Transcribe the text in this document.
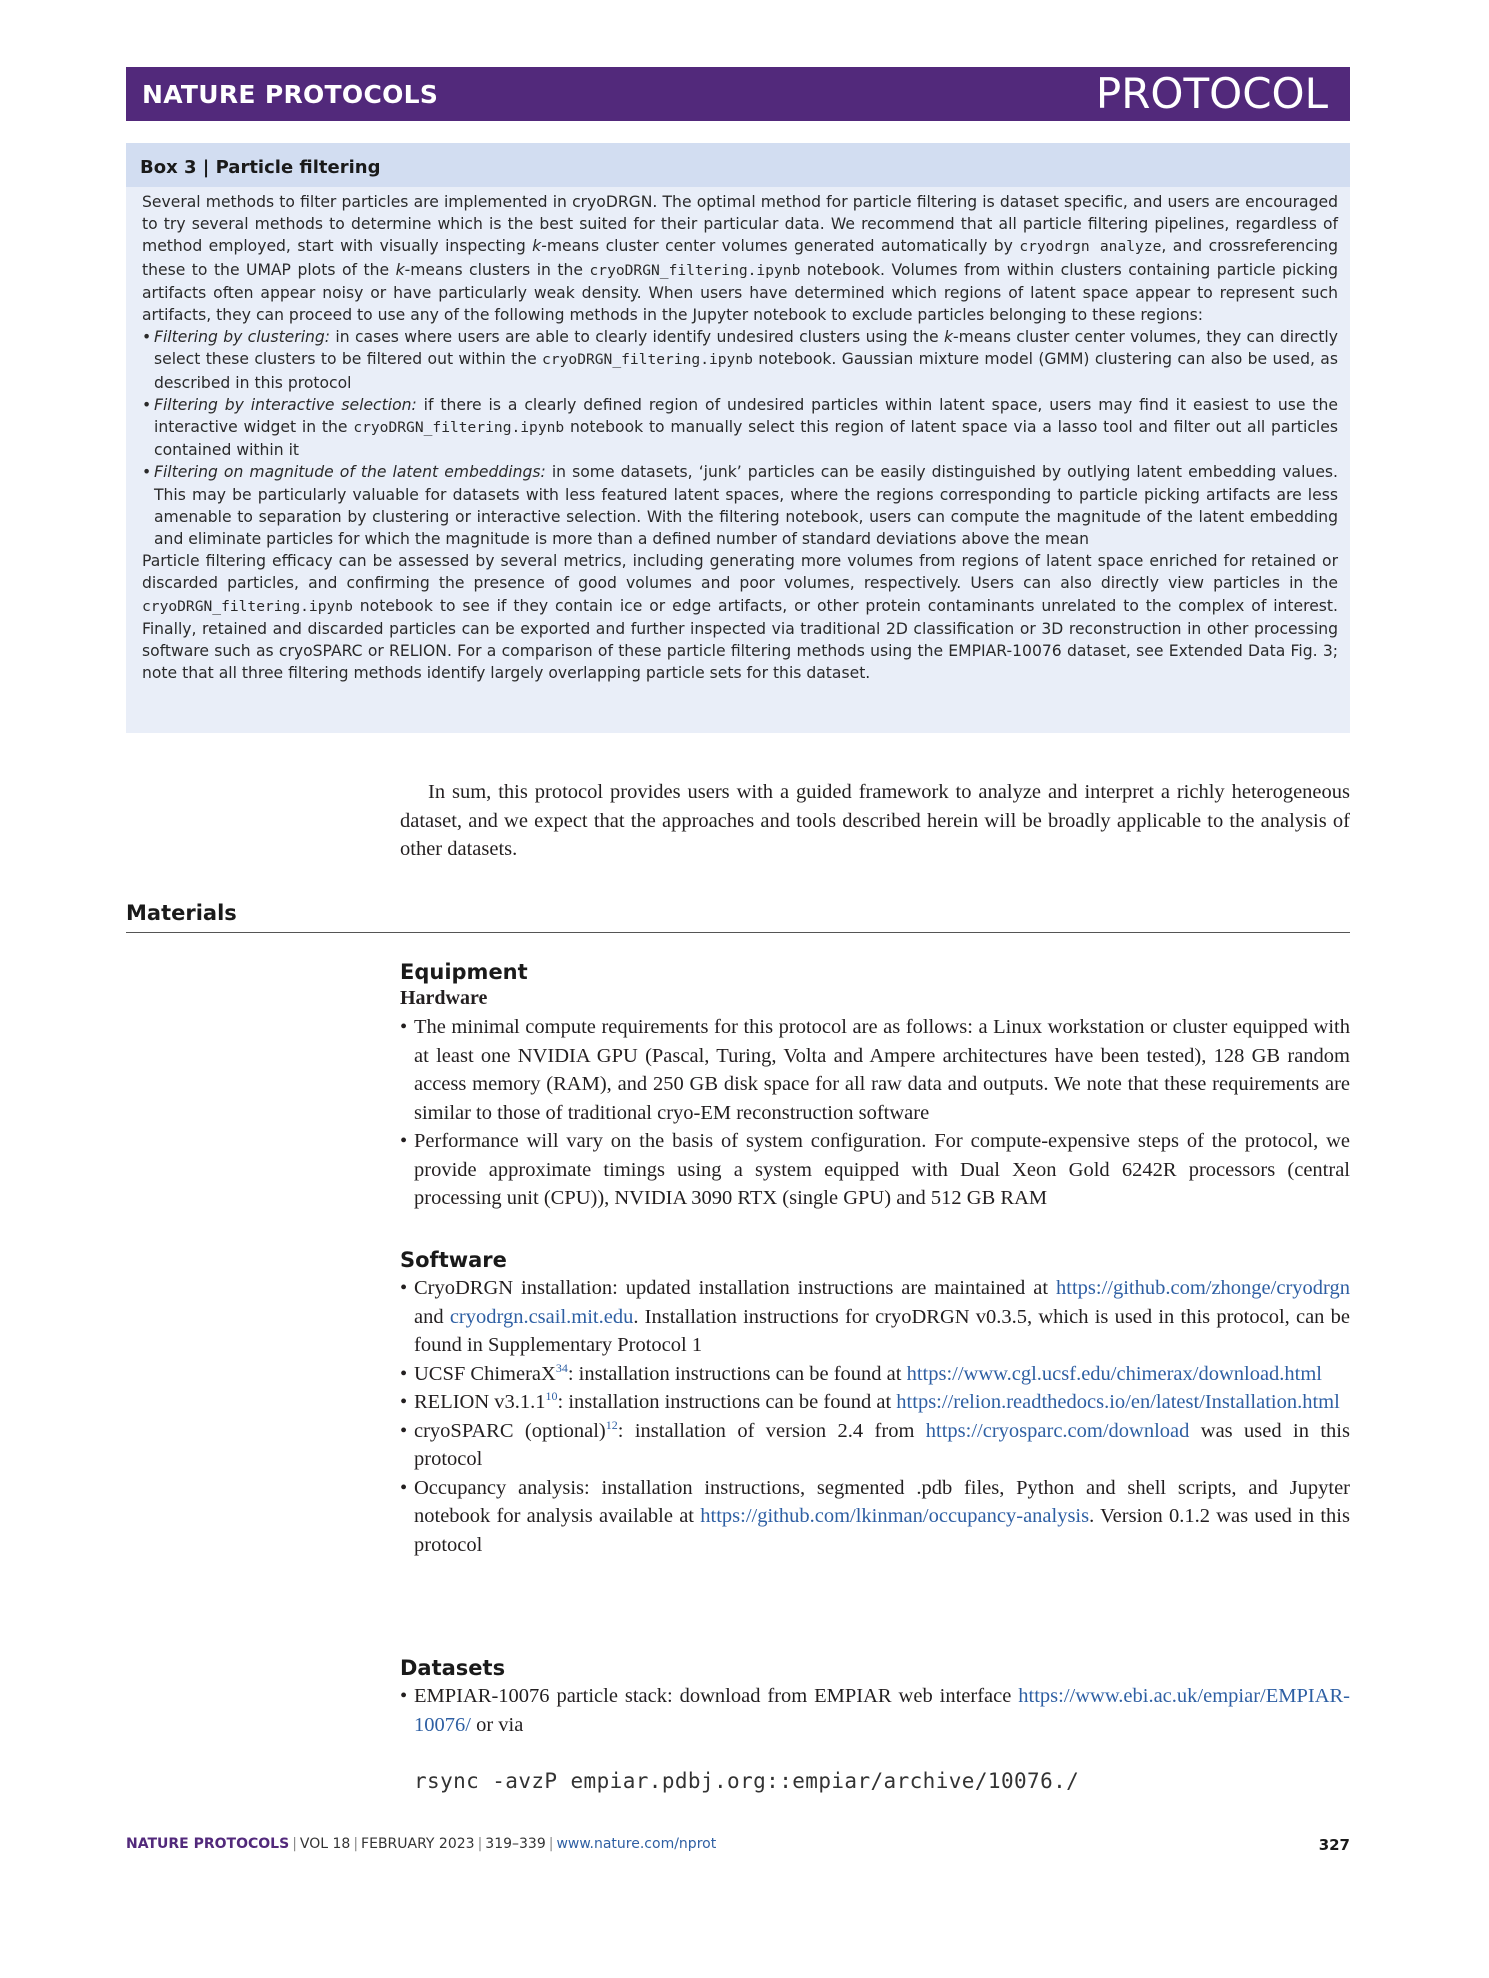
NATURE PROTOCOLS	PROTOCOL
Box 3 | Particle filtering

Several methods to filter particles are implemented in cryoDRGN. The optimal method for particle filtering is dataset specific, and users are encouraged to try several methods to determine which is the best suited for their particular data. We recommend that all particle filtering pipelines, regardless of method employed, start with visually inspecting k-means cluster center volumes generated automatically by cryodrgn analyze, and crossreferencing these to the UMAP plots of the k-means clusters in the cryoDRGN_filtering.ipynb notebook. Volumes from within clusters containing particle picking artifacts often appear noisy or have particularly weak density. When users have determined which regions of latent space appear to represent such artifacts, they can proceed to use any of the following methods in the Jupyter notebook to exclude particles belonging to these regions:

• Filtering by clustering: in cases where users are able to clearly identify undesired clusters using the k-means cluster center volumes, they can directly select these clusters to be filtered out within the cryoDRGN_filtering.ipynb notebook. Gaussian mixture model (GMM) clustering can also be used, as described in this protocol
• Filtering by interactive selection: if there is a clearly defined region of undesired particles within latent space, users may find it easiest to use the interactive widget in the cryoDRGN_filtering.ipynb notebook to manually select this region of latent space via a lasso tool and filter out all particles contained within it
• Filtering on magnitude of the latent embeddings: in some datasets, ‘junk’ particles can be easily distinguished by outlying latent embedding values. This may be particularly valuable for datasets with less featured latent spaces, where the regions corresponding to particle picking artifacts are less amenable to separation by clustering or interactive selection. With the filtering notebook, users can compute the magnitude of the latent embedding and eliminate particles for which the magnitude is more than a defined number of standard deviations above the mean

Particle filtering efficacy can be assessed by several metrics, including generating more volumes from regions of latent space enriched for retained or discarded particles, and confirming the presence of good volumes and poor volumes, respectively. Users can also directly view particles in the cryoDRGN_filtering.ipynb notebook to see if they contain ice or edge artifacts, or other protein contaminants unrelated to the complex of interest. Finally, retained and discarded particles can be exported and further inspected via traditional 2D classification or 3D reconstruction in other processing software such as cryoSPARC or RELION. For a comparison of these particle filtering methods using the EMPIAR-10076 dataset, see Extended Data Fig. 3; note that all three filtering methods identify largely overlapping particle sets for this dataset.

In sum, this protocol provides users with a guided framework to analyze and interpret a richly heterogeneous dataset, and we expect that the approaches and tools described herein will be broadly applicable to the analysis of other datasets.

Materials
Equipment
Hardware
• The minimal compute requirements for this protocol are as follows: a Linux workstation or cluster equipped with at least one NVIDIA GPU (Pascal, Turing, Volta and Ampere architectures have been tested), 128 GB random access memory (RAM), and 250 GB disk space for all raw data and outputs. We note that these requirements are similar to those of traditional cryo-EM reconstruction software
• Performance will vary on the basis of system configuration. For compute-expensive steps of the protocol, we provide approximate timings using a system equipped with Dual Xeon Gold 6242R processors (central processing unit (CPU)), NVIDIA 3090 RTX (single GPU) and 512 GB RAM
Software
• CryoDRGN installation: updated installation instructions are maintained at https://github.com/zhonge/cryodrgn and cryodrgn.csail.mit.edu. Installation instructions for cryoDRGN v0.3.5, which is used in this protocol, can be found in Supplementary Protocol 1
• UCSF ChimeraX$^{34}$: installation instructions can be found at https://www.cgl.ucsf.edu/chimerax/download.html
• RELION v3.1.1$^{10}$: installation instructions can be found at https://relion.readthedocs.io/en/latest/Installation.html
• cryoSPARC (optional)$^{12}$: installation of version 2.4 from https://cryosparc.com/download was used in this protocol
• Occupancy analysis: installation instructions, segmented .pdb files, Python and shell scripts, and Jupyter notebook for analysis available at https://github.com/lkinman/occupancy-analysis. Version 0.1.2 was used in this protocol
Datasets
• EMPIAR-10076 particle stack: download from EMPIAR web interface https://www.ebi.ac.uk/empiar/EMPIAR-10076/ or via
rsync -avzP empiar.pdbj.org::empiar/archive/10076./
NATURE PROTOCOLS | VOL 18 | FEBRUARY 2023 | 319–339 | www.nature.com/nprot	327
